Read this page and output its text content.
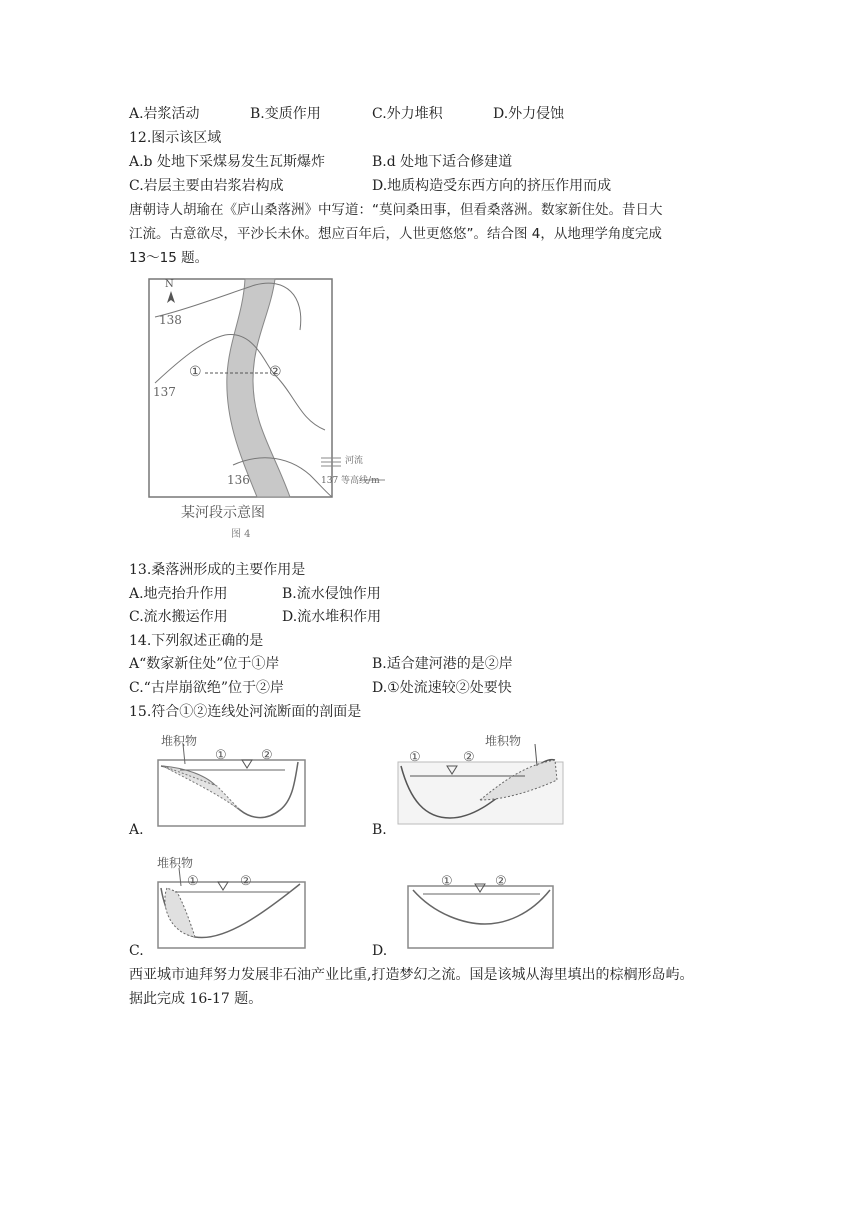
A.岩浆活动	B.变质作用	C.外力堆积	D.外力侵蚀
12.图示该区域
A.b 处地下采煤易发生瓦斯爆炸	B.d 处地下适合修建道
C.岩层主要由岩浆岩构成	D.地质构造受东西方向的挤压作用而成
唐朝诗人胡瑜在《庐山桑落洲》中写道：“莫问桑田事，但看桑落洲。数家新住处。昔日大
江流。古意欲尽，平沙长未休。想应百年后，人世更悠悠”。结合图 4，从地理学角度完成
13～15 题。
N
138
137
136
①	②
河流
137 等高线/m
某河段示意图
图 4
13.桑落洲形成的主要作用是
A.地壳抬升作用	B.流水侵蚀作用
C.流水搬运作用	D.流水堆积作用
14.下列叙述正确的是
A“数家新住处”位于①岸	B.适合建河港的是②岸
C.“古岸崩欲绝”位于②岸	D.①处流速较②处要快
15.符合①②连线处河流断面的剖面是
堆积物
①	②
A.
堆积物
①	②
B.
堆积物
①	②
C.
①	②
D.
西亚城市迪拜努力发展非石油产业比重,打造梦幻之流。国是该城从海里填出的棕榈形岛屿。
据此完成 16-17 题。
